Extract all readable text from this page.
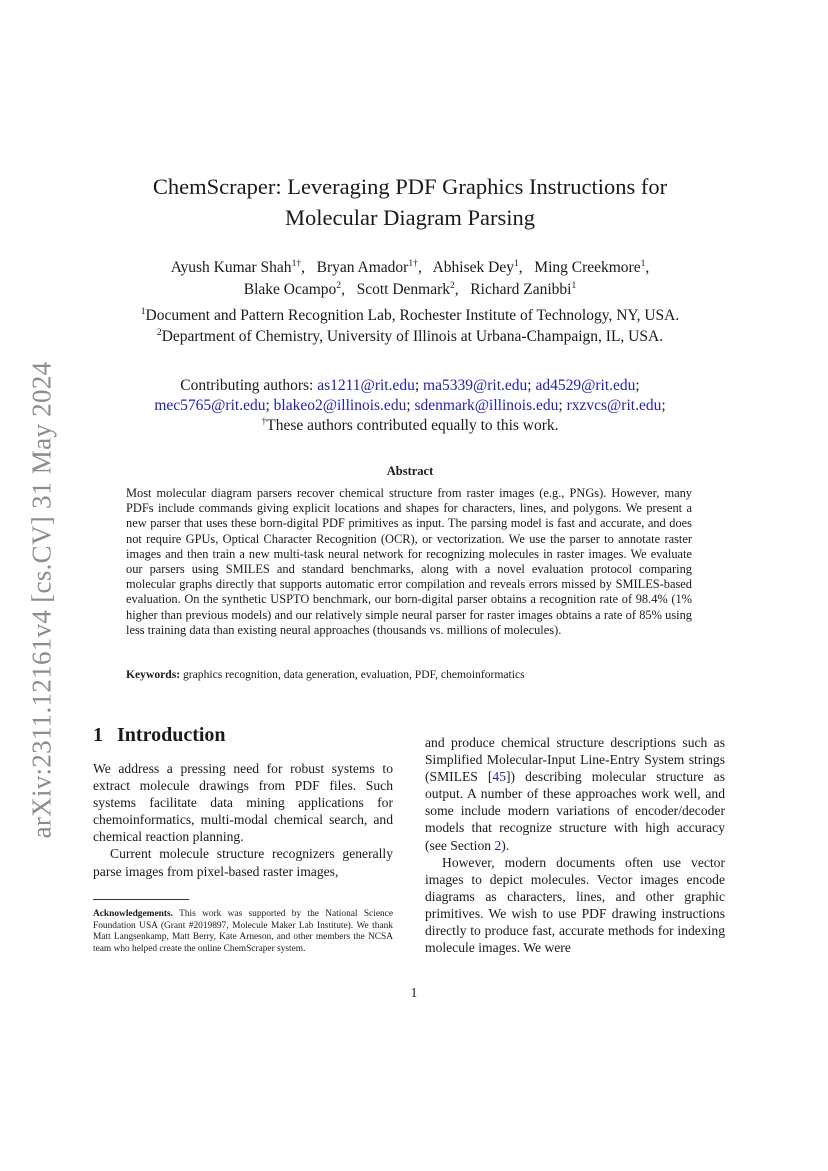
arXiv:2311.12161v4 [cs.CV] 31 May 2024
ChemScraper: Leveraging PDF Graphics Instructions for
Molecular Diagram Parsing
Ayush Kumar Shah$^{1\dagger}$,   Bryan Amador$^{1\dagger}$,   Abhisek Dey$^1$,   Ming Creekmore$^1$,
Blake Ocampo$^2$,   Scott Denmark$^2$,   Richard Zanibbi$^1$
$^1$Document and Pattern Recognition Lab, Rochester Institute of Technology, NY, USA.
$^2$Department of Chemistry, University of Illinois at Urbana-Champaign, IL, USA.
Contributing authors: as1211@rit.edu; ma5339@rit.edu; ad4529@rit.edu;
mec5765@rit.edu; blakeo2@illinois.edu; sdenmark@illinois.edu; rxzvcs@rit.edu;
†These authors contributed equally to this work.
Abstract
Most molecular diagram parsers recover chemical structure from raster images (e.g., PNGs). However, many PDFs include commands giving explicit locations and shapes for characters, lines, and polygons. We present a new parser that uses these born-digital PDF primitives as input. The parsing model is fast and accurate, and does not require GPUs, Optical Character Recognition (OCR), or vectorization. We use the parser to annotate raster images and then train a new multi-task neural network for recognizing molecules in raster images. We evaluate our parsers using SMILES and standard benchmarks, along with a novel evaluation protocol comparing molecular graphs directly that supports automatic error compilation and reveals errors missed by SMILES-based evaluation. On the synthetic USPTO benchmark, our born-digital parser obtains a recognition rate of 98.4% (1% higher than previous models) and our relatively simple neural parser for raster images obtains a rate of 85% using less training data than existing neural approaches (thousands vs. millions of molecules).
Keywords: graphics recognition, data generation, evaluation, PDF, chemoinformatics
1 Introduction

We address a pressing need for robust systems to extract molecule drawings from PDF files. Such systems facilitate data mining applications for chemoinformatics, multi-modal chemical search, and chemical reaction planning.

Current molecule structure recognizers generally parse images from pixel-based raster images,

and produce chemical structure descriptions such as Simplified Molecular-Input Line-Entry System strings (SMILES [45]) describing molecular structure as output. A number of these approaches work well, and some include modern variations of encoder/decoder models that recognize structure with high accuracy (see Section 2).

However, modern documents often use vector images to depict molecules. Vector images encode diagrams as characters, lines, and other graphic primitives. We wish to use PDF drawing instructions directly to produce fast, accurate methods for indexing molecule images. We were

Acknowledgements. This work was supported by the National Science Foundation USA (Grant #2019897, Molecule Maker Lab Institute). We thank Matt Langsenkamp, Matt Berry, Kate Arneson, and other members the NCSA team who helped create the online ChemScraper system.
1
